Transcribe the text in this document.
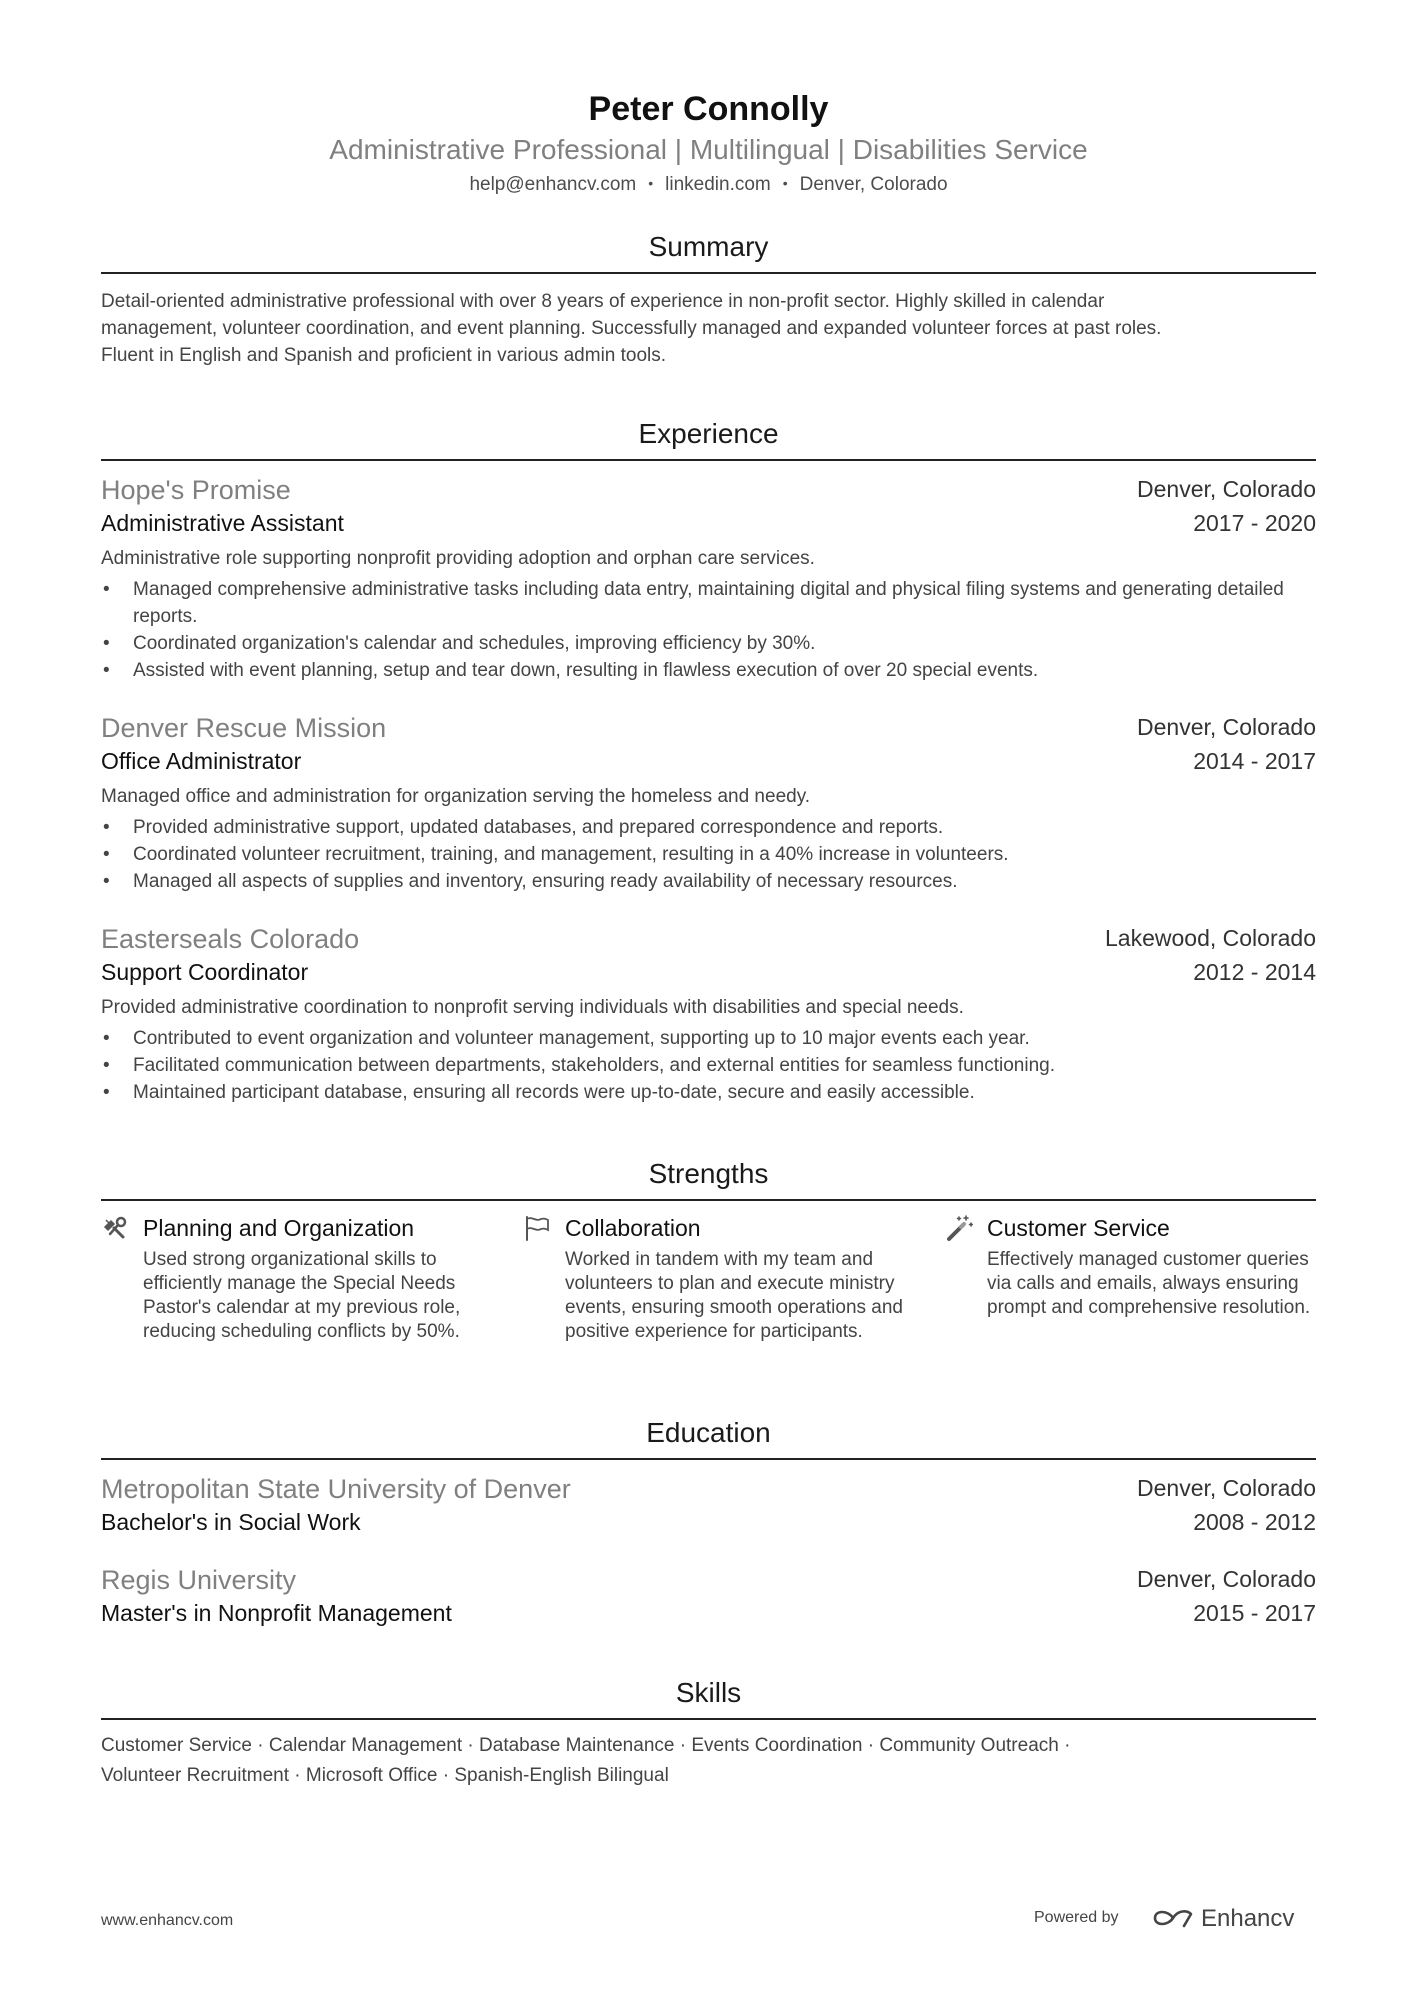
Peter Connolly
Administrative Professional | Multilingual | Disabilities Service
help@enhancv.com • linkedin.com • Denver, Colorado
Summary
Detail-oriented administrative professional with over 8 years of experience in non-profit sector. Highly skilled in calendar
management, volunteer coordination, and event planning. Successfully managed and expanded volunteer forces at past roles.
Fluent in English and Spanish and proficient in various admin tools.
Experience
Hope's Promise	Denver, Colorado
Administrative Assistant	2017 - 2020
Administrative role supporting nonprofit providing adoption and orphan care services.
• Managed comprehensive administrative tasks including data entry, maintaining digital and physical filing systems and generating detailed reports.
• Coordinated organization's calendar and schedules, improving efficiency by 30%.
• Assisted with event planning, setup and tear down, resulting in flawless execution of over 20 special events.
Denver Rescue Mission	Denver, Colorado
Office Administrator	2014 - 2017
Managed office and administration for organization serving the homeless and needy.
• Provided administrative support, updated databases, and prepared correspondence and reports.
• Coordinated volunteer recruitment, training, and management, resulting in a 40% increase in volunteers.
• Managed all aspects of supplies and inventory, ensuring ready availability of necessary resources.
Easterseals Colorado	Lakewood, Colorado
Support Coordinator	2012 - 2014
Provided administrative coordination to nonprofit serving individuals with disabilities and special needs.
• Contributed to event organization and volunteer management, supporting up to 10 major events each year.
• Facilitated communication between departments, stakeholders, and external entities for seamless functioning.
• Maintained participant database, ensuring all records were up-to-date, secure and easily accessible.
Strengths
Planning and Organization
Used strong organizational skills to efficiently manage the Special Needs Pastor's calendar at my previous role, reducing scheduling conflicts by 50%.
Collaboration
Worked in tandem with my team and volunteers to plan and execute ministry events, ensuring smooth operations and positive experience for participants.
Customer Service
Effectively managed customer queries via calls and emails, always ensuring prompt and comprehensive resolution.
Education
Metropolitan State University of Denver	Denver, Colorado
Bachelor's in Social Work	2008 - 2012
Regis University	Denver, Colorado
Master's in Nonprofit Management	2015 - 2017
Skills
Customer Service · Calendar Management · Database Maintenance · Events Coordination · Community Outreach ·
Volunteer Recruitment · Microsoft Office · Spanish-English Bilingual
www.enhancv.com	Powered by	Enhancv
